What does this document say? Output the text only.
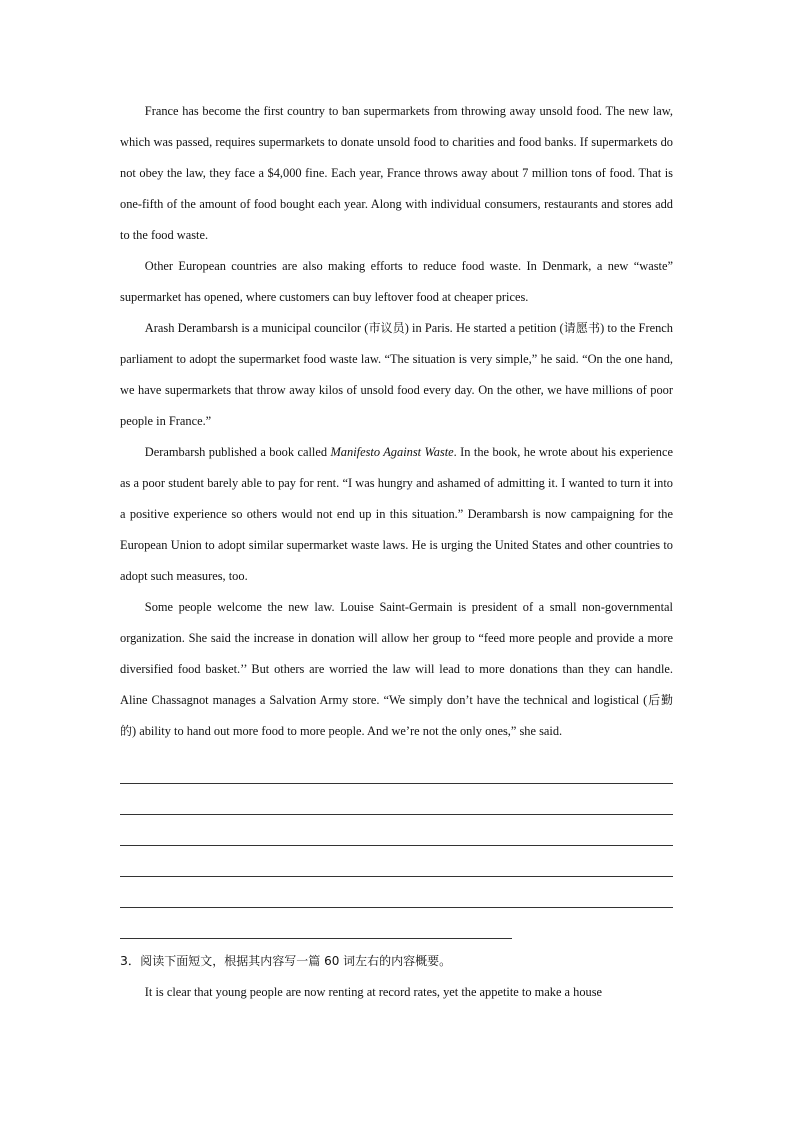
France has become the first country to ban supermarkets from throwing away unsold food. The new law, which was passed, requires supermarkets to donate unsold food to charities and food banks. If supermarkets do not obey the law, they face a $4,000 fine. Each year, France throws away about 7 million tons of food. That is one-fifth of the amount of food bought each year. Along with individual consumers, restaurants and stores add to the food waste.

Other European countries are also making efforts to reduce food waste. In Denmark, a new “waste” supermarket has opened, where customers can buy leftover food at cheaper prices.

Arash Derambarsh is a municipal councilor (市议员) in Paris. He started a petition (请愿书) to the French parliament to adopt the supermarket food waste law. “The situation is very simple,” he said. “On the one hand, we have supermarkets that throw away kilos of unsold food every day. On the other, we have millions of poor people in France.”

Derambarsh published a book called Manifesto Against Waste. In the book, he wrote about his experience as a poor student barely able to pay for rent. “I was hungry and ashamed of admitting it. I wanted to turn it into a positive experience so others would not end up in this situation.” Derambarsh is now campaigning for the European Union to adopt similar supermarket waste laws. He is urging the United States and other countries to adopt such measures, too.

Some people welcome the new law. Louise Saint-Germain is president of a small non-governmental organization. She said the increase in donation will allow her group to “feed more people and provide a more diversified food basket.’’ But others are worried the law will lead to more donations than they can handle. Aline Chassagnot manages a Salvation Army store. “We simply don’t have the technical and logistical (后勤的) ability to hand out more food to more people. And we’re not the only ones,” she said.

3．阅读下面短文，根据其内容写一篇 60 词左右的内容概要。

It is clear that young people are now renting at record rates, yet the appetite to make a house
